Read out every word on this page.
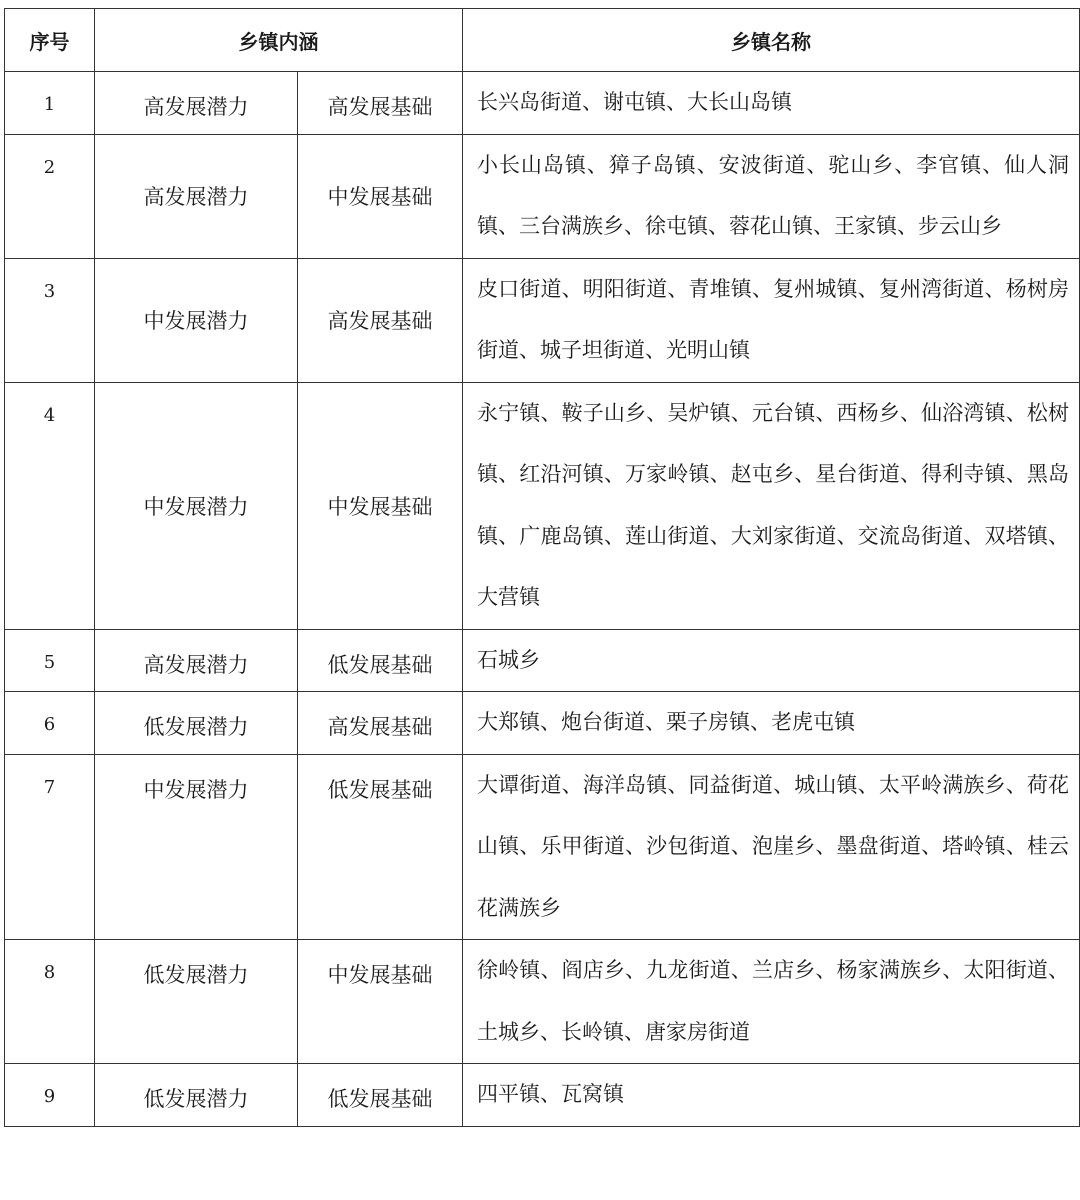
序号	乡镇内涵		乡镇名称
1	高发展潜力	高发展基础	长兴岛街道、谢屯镇、大长山岛镇
2	高发展潜力	中发展基础	小长山岛镇、獐子岛镇、安波街道、驼山乡、李官镇、仙人洞镇、三台满族乡、徐屯镇、蓉花山镇、王家镇、步云山乡
3	中发展潜力	高发展基础	皮口街道、明阳街道、青堆镇、复州城镇、复州湾街道、杨树房街道、城子坦街道、光明山镇
4	中发展潜力	中发展基础	永宁镇、鞍子山乡、吴炉镇、元台镇、西杨乡、仙浴湾镇、松树镇、红沿河镇、万家岭镇、赵屯乡、星台街道、得利寺镇、黑岛镇、广鹿岛镇、莲山街道、大刘家街道、交流岛街道、双塔镇、大营镇
5	高发展潜力	低发展基础	石城乡
6	低发展潜力	高发展基础	大郑镇、炮台街道、栗子房镇、老虎屯镇
7	中发展潜力	低发展基础	大谭街道、海洋岛镇、同益街道、城山镇、太平岭满族乡、荷花山镇、乐甲街道、沙包街道、泡崖乡、墨盘街道、塔岭镇、桂云花满族乡
8	低发展潜力	中发展基础	徐岭镇、阎店乡、九龙街道、兰店乡、杨家满族乡、太阳街道、土城乡、长岭镇、唐家房街道
9	低发展潜力	低发展基础	四平镇、瓦窝镇
